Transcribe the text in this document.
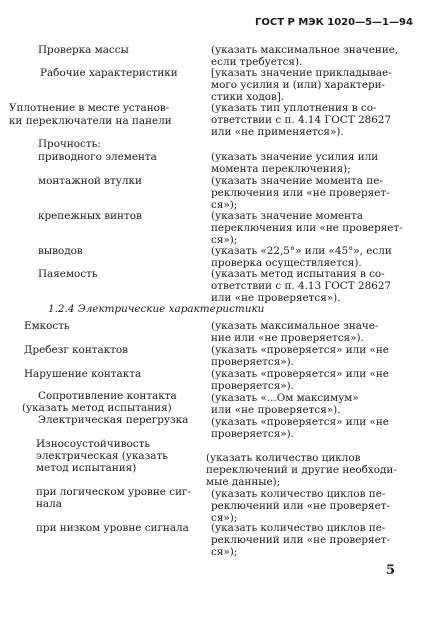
ГОСТ Р МЭК 1020—5—1—94
Проверка массы
Рабочие характеристики
Уплотнение в месте установ-
ки переключатели на панели
Прочность:
приводного элемента
монтажной втулки
крепежных винтов
выводов
Паяемость
1.2.4 Электрические характеристики
Емкость
Дребезг контактов
Нарушение контакта
Сопротивление контакта
(указать метод испытания)
Электрическая перегрузка
Износоустойчивость
электрическая (указать
метод испытания)
при логическом уровне сиг-
нала
при низком уровне сигнала
(указать максимальное значение,
если требуется).
[указать значение прикладывае-
мого усилия и (или) характери-
стики ходов].
(указать тип уплотнения в со-
ответствии с п. 4.14 ГОСТ 28627
или «не применяется»).
(указать значение усилия или
момента переключения);
(указать значение момента пе-
реключения или «не проверяет-
ся»);
(указать значение момента
переключения или «не проверяет-
ся»);
(указать «22,5°» или «45°», если
проверка осуществляется).
(указать метод испытания в со-
ответствии с п. 4.13 ГОСТ 28627
или «не проверяется»).
(указать максимальное значе-
ние или «не проверяется»).
(указать «проверяется» или «не
проверяется»).
(указать «проверяется» или «не
проверяется»).
(указать «...Ом максимум»
или «не проверяется»).
(указать «проверяется» или «не
проверяется»).
(указать количество циклов
переключений и другие необходи-
мые данные);
(указать количество циклов пе-
реключений или «не проверяет-
ся»);
(указать количество циклов пе-
реключений или «не проверяет-
ся»);
5
